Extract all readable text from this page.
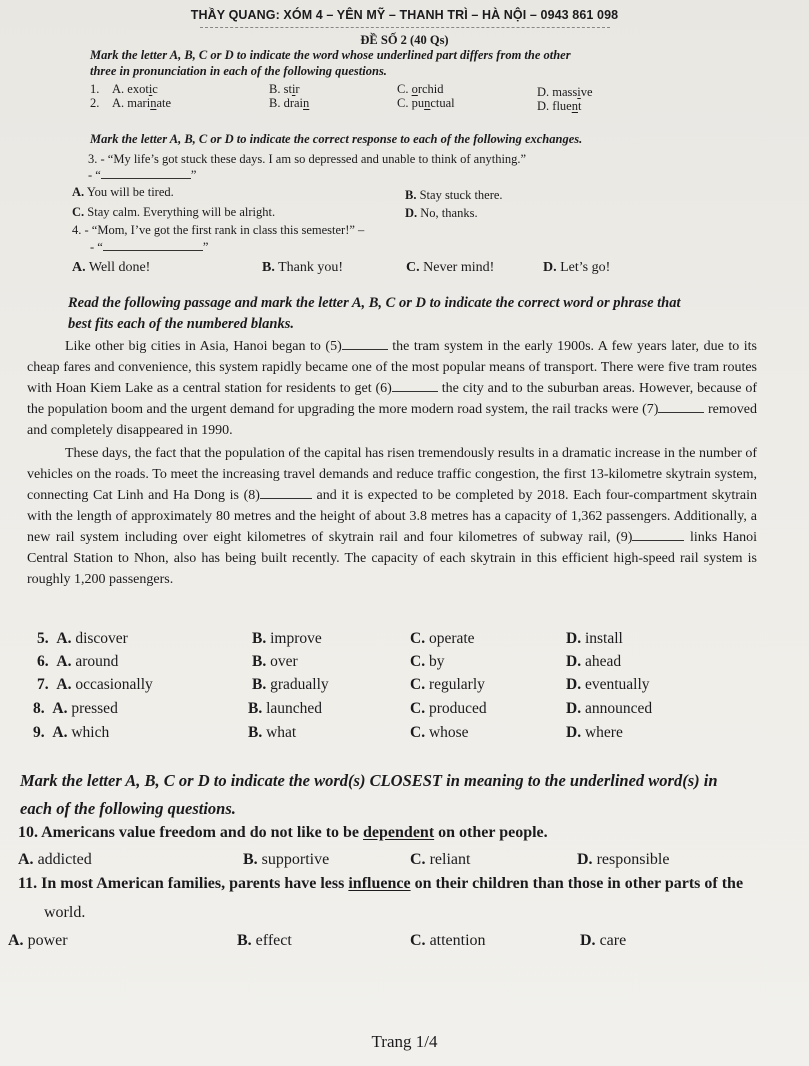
THẦY QUANG: XÓM 4 – YÊN MỸ – THANH TRÌ – HÀ NỘI – 0943 861 098
ĐỀ SỐ 2 (40 Qs)
Mark the letter A, B, C or D to indicate the word whose underlined part differs from the other
three in pronunciation in each of the following questions.
1. A. exotic	B. stir	C. orchid	D. massive
2. A. marinate	B. drain	C. punctual	D. fluent
Mark the letter A, B, C or D to indicate the correct response to each of the following exchanges.
3. - “My life’s got stuck these days. I am so depressed and unable to think of anything.”
- “	”
A. You will be tired.	B. Stay stuck there.
C. Stay calm. Everything will be alright.	D. No, thanks.
4. - “Mom, I’ve got the first rank in class this semester!” –
- “	”
A. Well done!	B. Thank you!	C. Never mind!	D. Let’s go!
Read the following passage and mark the letter A, B, C or D to indicate the correct word or phrase that
best fits each of the numbered blanks.

Like other big cities in Asia, Hanoi began to (5)	the tram system in the early 1900s. A few years later, due to its cheap fares and convenience, this system rapidly became one of the most popular means of transport. There were five tram routes with Hoan Kiem Lake as a central station for residents to get (6)	the city and to the suburban areas. However, because of the population boom and the urgent demand for upgrading the more modern road system, the rail tracks were (7)	removed and completely disappeared in 1990.

These days, the fact that the population of the capital has risen tremendously results in a dramatic increase in the number of vehicles on the roads. To meet the increasing travel demands and reduce traffic congestion, the first 13-kilometre skytrain system, connecting Cat Linh and Ha Dong is (8)	and it is expected to be completed by 2018. Each four-compartment skytrain with the length of approximately 80 metres and the height of about 3.8 metres has a capacity of 1,362 passengers. Additionally, a new rail system including over eight kilometres of skytrain rail and four kilometres of subway rail, (9)	links Hanoi Central Station to Nhon, also has being built recently. The capacity of each skytrain in this efficient high-speed rail system is roughly 1,200 passengers.

5. A. discover	B. improve	C. operate	D. install
6. A. around	B. over	C. by	D. ahead
7. A. occasionally	B. gradually	C. regularly	D. eventually
8. A. pressed	B. launched	C. produced	D. announced
9. A. which	B. what	C. whose	D. where
Mark the letter A, B, C or D to indicate the word(s) CLOSEST in meaning to the underlined word(s) in
each of the following questions.
10. Americans value freedom and do not like to be dependent on other people.
A. addicted	B. supportive	C. reliant	D. responsible
11. In most American families, parents have less influence on their children than those in other parts of the
world.
A. power	B. effect	C. attention	D. care
Trang 1/4
